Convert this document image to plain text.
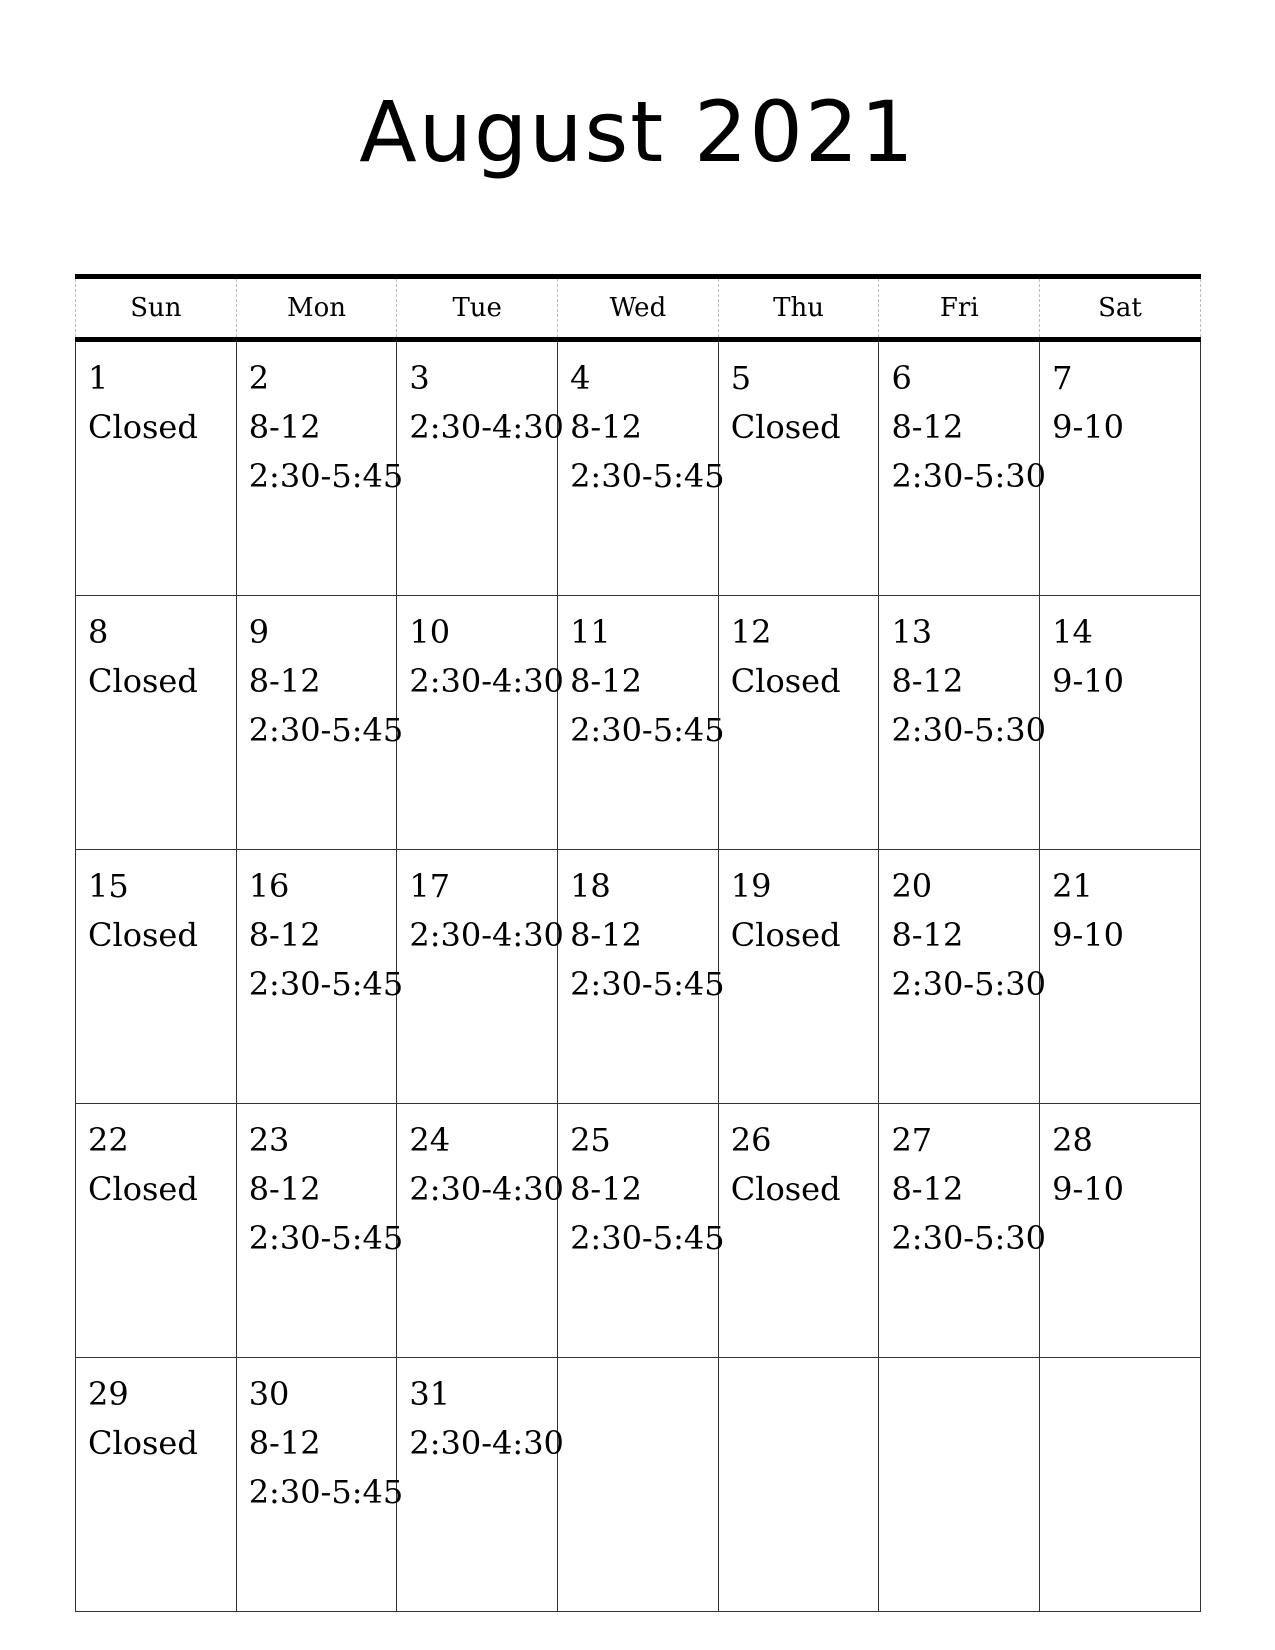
August 2021
Sun	Mon	Tue	Wed	Thu	Fri	Sat

1
Closed	2
8-12
2:30-5:45	3
2:30-4:30	4
8-12
2:30-5:45	5
Closed	6
8-12
2:30-5:30	7
9-10

8
Closed	9
8-12
2:30-5:45	10
2:30-4:30	11
8-12
2:30-5:45	12
Closed	13
8-12
2:30-5:30	14
9-10

15
Closed	16
8-12
2:30-5:45	17
2:30-4:30	18
8-12
2:30-5:45	19
Closed	20
8-12
2:30-5:30	21
9-10

22
Closed	23
8-12
2:30-5:45	24
2:30-4:30	25
8-12
2:30-5:45	26
Closed	27
8-12
2:30-5:30	28
9-10

29
Closed	30
8-12
2:30-5:45	31
2:30-4:30				
